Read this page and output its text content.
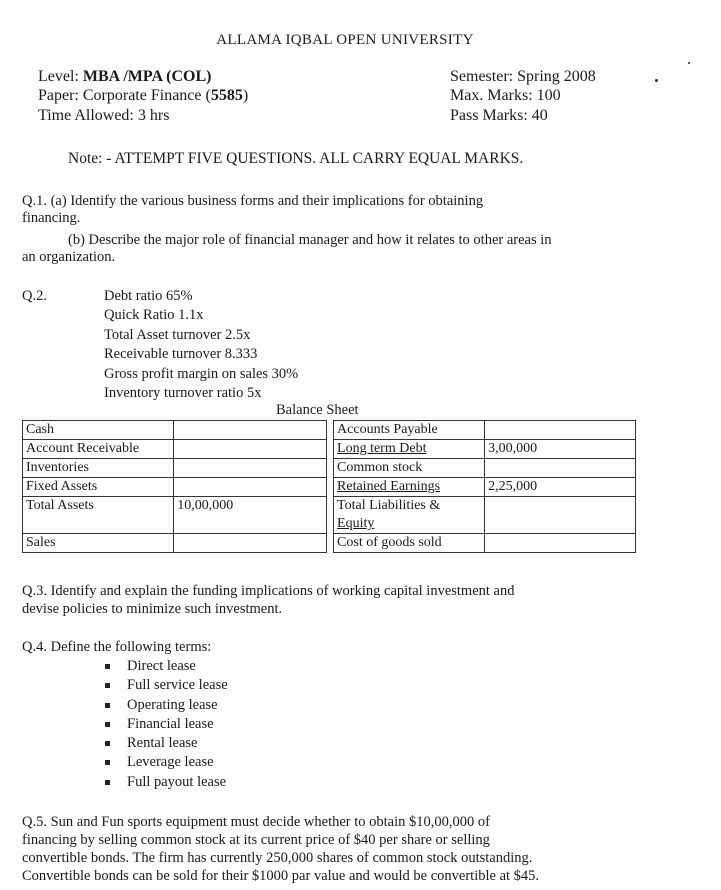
ALLAMA IQBAL OPEN UNIVERSITY
Level: MBA /MPA (COL)
Paper: Corporate Finance (5585)
Time Allowed: 3 hrs
Semester: Spring 2008
Max. Marks: 100
Pass Marks: 40
Note: - ATTEMPT FIVE QUESTIONS. ALL CARRY EQUAL MARKS.
Q.1. (a) Identify the various business forms and their implications for obtaining
financing.
(b) Describe the major role of financial manager and how it relates to other areas in
an organization.
Q.2.	Debt ratio 65%
Quick Ratio 1.1x
Total Asset turnover 2.5x
Receivable turnover 8.333
Gross profit margin on sales 30%
Inventory turnover ratio 5x
Balance Sheet
Cash			Accounts Payable	
Account Receivable			Long term Debt	3,00,000
Inventories			Common stock	
Fixed Assets			Retained Earnings	2,25,000
Total Assets	10,00,000		Total Liabilities &
Equity	

Sales			Cost of goods sold	
Q.3. Identify and explain the funding implications of working capital investment and
devise policies to minimize such investment.
Q.4. Define the following terms:
Direct lease
Full service lease
Operating lease
Financial lease
Rental lease
Leverage lease
Full payout lease
Q.5. Sun and Fun sports equipment must decide whether to obtain $10,00,000 of
financing by selling common stock at its current price of $40 per share or selling
convertible bonds. The firm has currently 250,000 shares of common stock outstanding.
Convertible bonds can be sold for their $1000 par value and would be convertible at $45.
